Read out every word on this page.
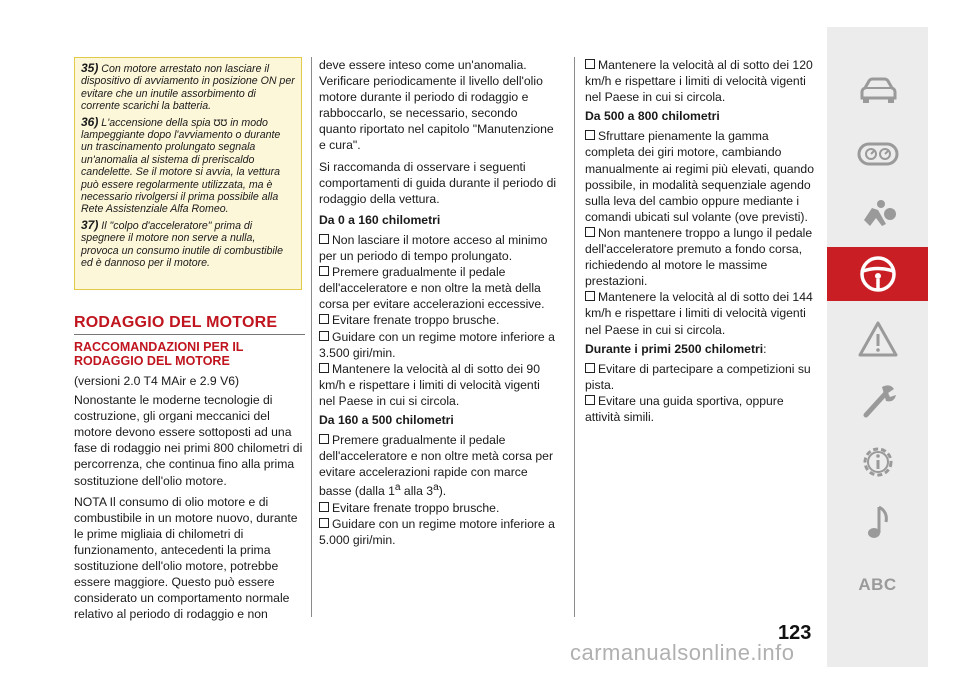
35) Con motore arrestato non lasciare il dispositivo di avviamento in posizione ON per evitare che un inutile assorbimento di corrente scarichi la batteria.

36) L'accensione della spia ℧℧ in modo lampeggiante dopo l'avviamento o durante un trascinamento prolungato segnala un'anomalia al sistema di preriscaldo candelette. Se il motore si avvia, la vettura può essere regolarmente utilizzata, ma è necessario rivolgersi il prima possibile alla Rete Assistenziale Alfa Romeo.

37) Il "colpo d'acceleratore" prima di spegnere il motore non serve a nulla, provoca un consumo inutile di combustibile ed è dannoso per il motore.

RODAGGIO DEL MOTORE
RACCOMANDAZIONI PER IL RODAGGIO DEL MOTORE

(versioni 2.0 T4 MAir e 2.9 V6)

Nonostante le moderne tecnologie di costruzione, gli organi meccanici del motore devono essere sottoposti ad una fase di rodaggio nei primi 800 chilometri di percorrenza, che continua fino alla prima sostituzione dell'olio motore.

NOTA Il consumo di olio motore e di combustibile in un motore nuovo, durante le prime migliaia di chilometri di funzionamento, antecedenti la prima sostituzione dell'olio motore, potrebbe essere maggiore. Questo può essere considerato un comportamento normale relativo al periodo di rodaggio e non

deve essere inteso come un'anomalia. Verificare periodicamente il livello dell'olio motore durante il periodo di rodaggio e rabboccarlo, se necessario, secondo quanto riportato nel capitolo "Manutenzione e cura".

Si raccomanda di osservare i seguenti comportamenti di guida durante il periodo di rodaggio della vettura.

Da 0 a 160 chilometri

Non lasciare il motore acceso al minimo per un periodo di tempo prolungato.

Premere gradualmente il pedale dell'acceleratore e non oltre la metà della corsa per evitare accelerazioni eccessive.

Evitare frenate troppo brusche.

Guidare con un regime motore inferiore a 3.500 giri/min.

Mantenere la velocità al di sotto dei 90 km/h e rispettare i limiti di velocità vigenti nel Paese in cui si circola.

Da 160 a 500 chilometri

Premere gradualmente il pedale dell'acceleratore e non oltre metà corsa per evitare accelerazioni rapide con marce basse (dalla 1$^a$ alla 3$^a$).

Evitare frenate troppo brusche.

Guidare con un regime motore inferiore a 5.000 giri/min.

Mantenere la velocità al di sotto dei 120 km/h e rispettare i limiti di velocità vigenti nel Paese in cui si circola.

Da 500 a 800 chilometri

Sfruttare pienamente la gamma completa dei giri motore, cambiando manualmente ai regimi più elevati, quando possibile, in modalità sequenziale agendo sulla leva del cambio oppure mediante i comandi ubicati sul volante (ove previsti).

Non mantenere troppo a lungo il pedale dell'acceleratore premuto a fondo corsa, richiedendo al motore le massime prestazioni.

Mantenere la velocità al di sotto dei 144 km/h e rispettare i limiti di velocità vigenti nel Paese in cui si circola.

Durante i primi 2500 chilometri:

Evitare di partecipare a competizioni su pista.

Evitare una guida sportiva, oppure attività simili.

123
carmanualsonline.info
ABC
